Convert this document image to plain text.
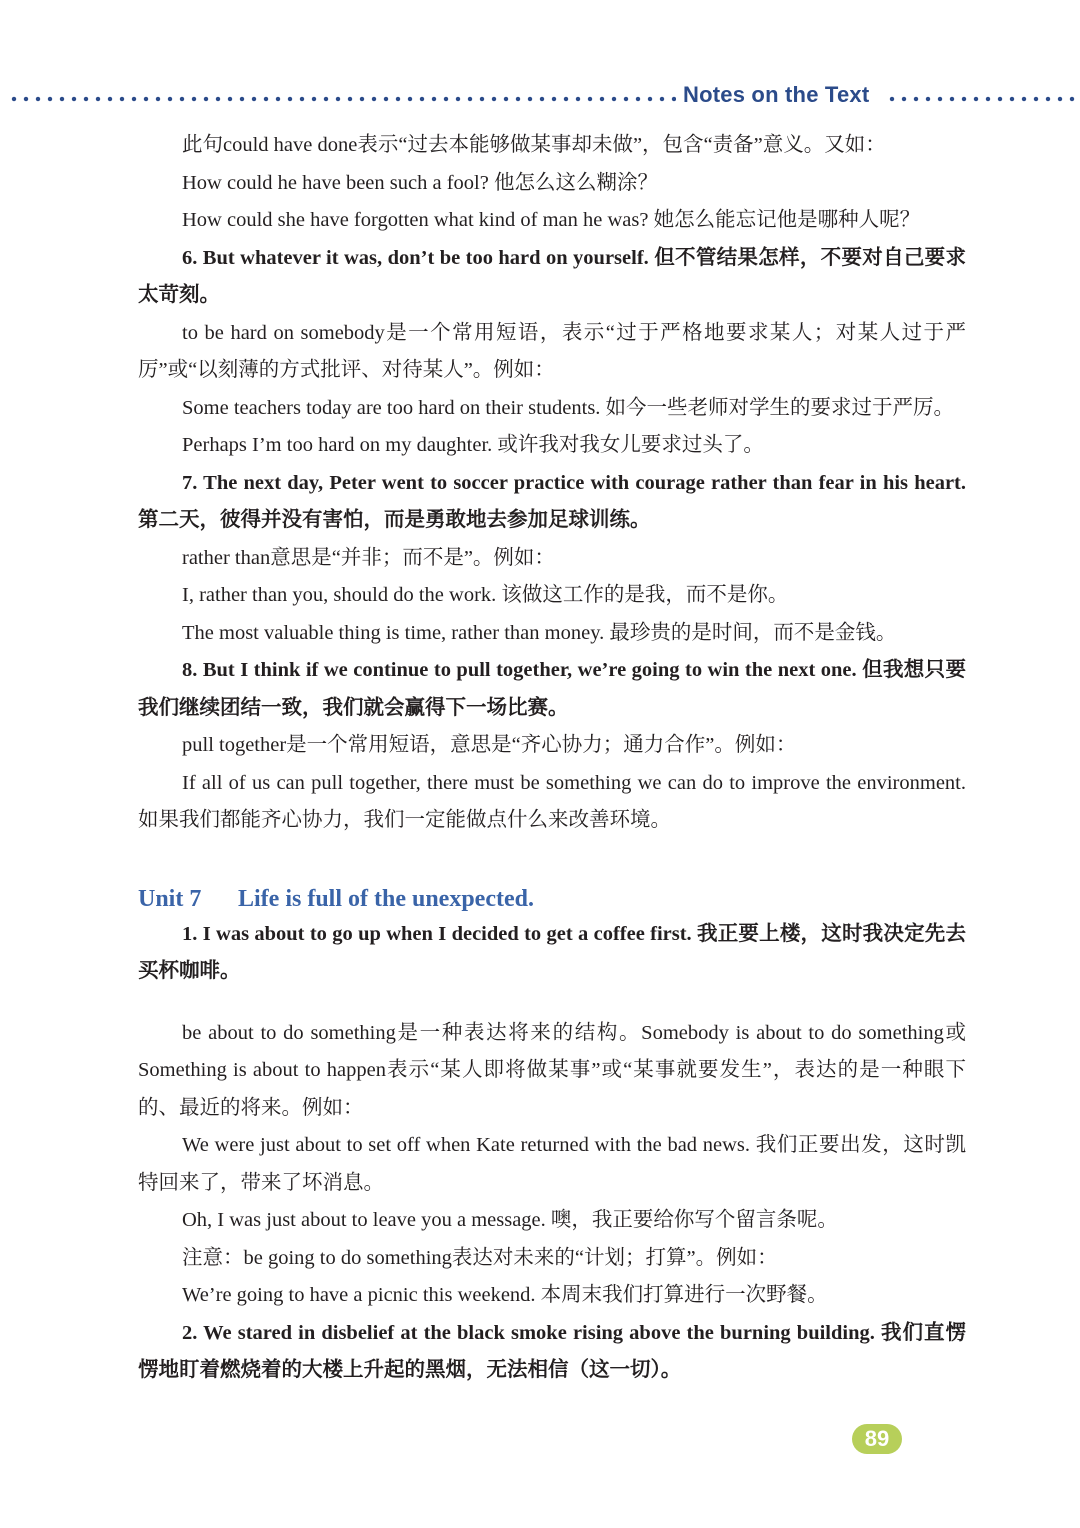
Notes on the Text

此句could have done表示“过去本能够做某事却未做”，包含“责备”意义。又如：

How could he have been such a fool? 他怎么这么糊涂？

How could she have forgotten what kind of man he was? 她怎么能忘记他是哪种人呢？

6. But whatever it was, don’t be too hard on yourself. 但不管结果怎样，不要对自己要求太苛刻。

to be hard on somebody是一个常用短语，表示“过于严格地要求某人；对某人过于严厉”或“以刻薄的方式批评、对待某人”。例如：

Some teachers today are too hard on their students. 如今一些老师对学生的要求过于严厉。

Perhaps I’m too hard on my daughter. 或许我对我女儿要求过头了。

7. The next day, Peter went to soccer practice with courage rather than fear in his heart. 第二天，彼得并没有害怕，而是勇敢地去参加足球训练。

rather than意思是“并非；而不是”。例如：

I, rather than you, should do the work. 该做这工作的是我，而不是你。

The most valuable thing is time, rather than money. 最珍贵的是时间，而不是金钱。

8. But I think if we continue to pull together, we’re going to win the next one. 但我想只要我们继续团结一致，我们就会赢得下一场比赛。

pull together是一个常用短语，意思是“齐心协力；通力合作”。例如：

If all of us can pull together, there must be something we can do to improve the environment. 如果我们都能齐心协力，我们一定能做点什么来改善环境。

Unit 7 Life is full of the unexpected.

1. I was about to go up when I decided to get a coffee first. 我正要上楼，这时我决定先去买杯咖啡。

be about to do something是一种表达将来的结构。Somebody is about to do something或Something is about to happen表示“某人即将做某事”或“某事就要发生”，表达的是一种眼下的、最近的将来。例如：

We were just about to set off when Kate returned with the bad news. 我们正要出发，这时凯特回来了，带来了坏消息。

Oh, I was just about to leave you a message. 噢，我正要给你写个留言条呢。

注意：be going to do something表达对未来的“计划；打算”。例如：

We’re going to have a picnic this weekend. 本周末我们打算进行一次野餐。

2. We stared in disbelief at the black smoke rising above the burning building. 我们直愣愣地盯着燃烧着的大楼上升起的黑烟，无法相信（这一切）。

89
